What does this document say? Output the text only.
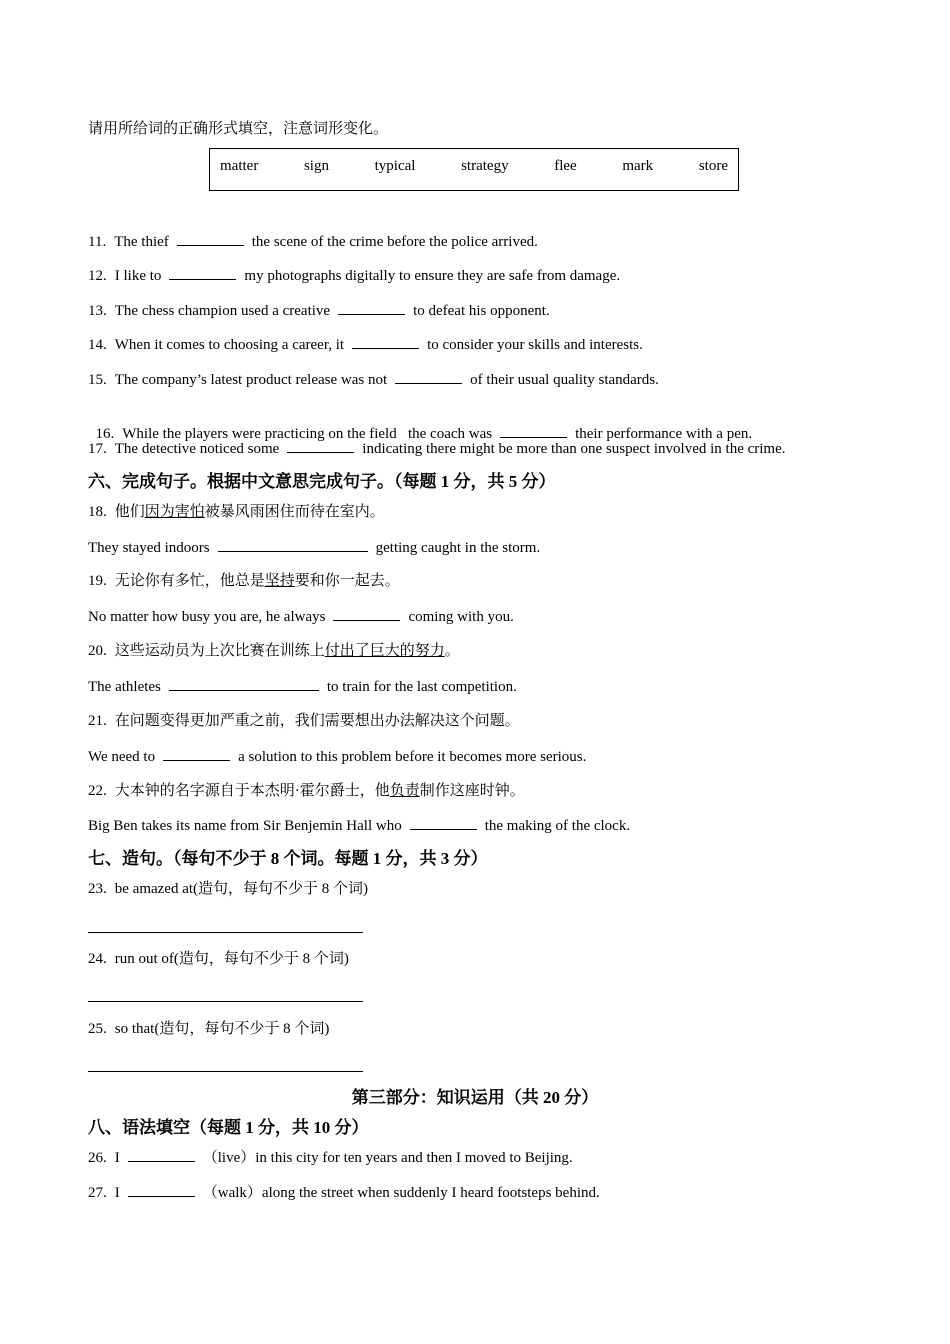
请用所给词的正确形式填空，注意词形变化。
matter	sign	typical	strategy	flee	mark	store
11. The thief	the scene of the crime before the police arrived.
12. I like to	my photographs digitally to ensure they are safe from damage.
13. The chess champion used a creative	to defeat his opponent.
14. When it comes to choosing a career, it	to consider your skills and interests.
15. The company’s latest product release was not	of their usual quality standards.

16. While the players were practicing on the field   the coach was	their performance with a pen.

17. The detective noticed some	indicating there might be more than one suspect involved in the crime.
六、完成句子。根据中文意思完成句子。（每题 1 分，共 5 分）
18. 他们因为害怕被暴风雨困住而待在室内。
They stayed indoors	getting caught in the storm.
19. 无论你有多忙，他总是坚持要和你一起去。
No matter how busy you are, he always	coming with you.
20. 这些运动员为上次比赛在训练上付出了巨大的努力。
The athletes	to train for the last competition.
21. 在问题变得更加严重之前，我们需要想出办法解决这个问题。
We need to	a solution to this problem before it becomes more serious.
22. 大本钟的名字源自于本杰明·霍尔爵士，他负责制作这座时钟。
Big Ben takes its name from Sir Benjemin Hall who	the making of the clock.
七、造句。（每句不少于 8 个词。每题 1 分，共 3 分）
23. be amazed at(造句，每句不少于 8 个词)
24. run out of(造句，每句不少于 8 个词)
25. so that(造句，每句不少于 8 个词)
第三部分：知识运用（共 20 分）
八、语法填空（每题 1 分，共 10 分）
26. I	（live）in this city for ten years and then I moved to Beijing.
27. I	（walk）along the street when suddenly I heard footsteps behind.
